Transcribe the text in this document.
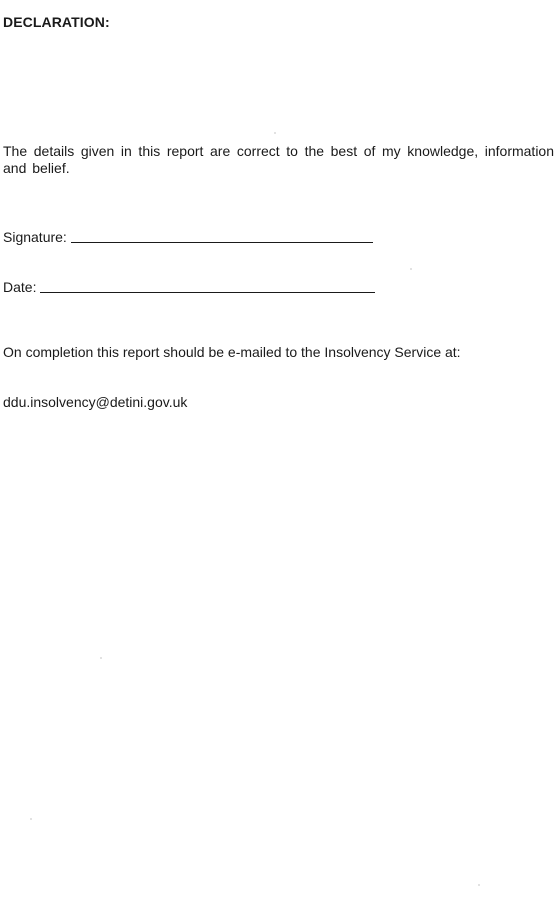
DECLARATION:
The details given in this report are correct to the best of my knowledge, information and belief.
Signature:
Date:
On completion this report should be e-mailed to the Insolvency Service at:
ddu.insolvency@detini.gov.uk
